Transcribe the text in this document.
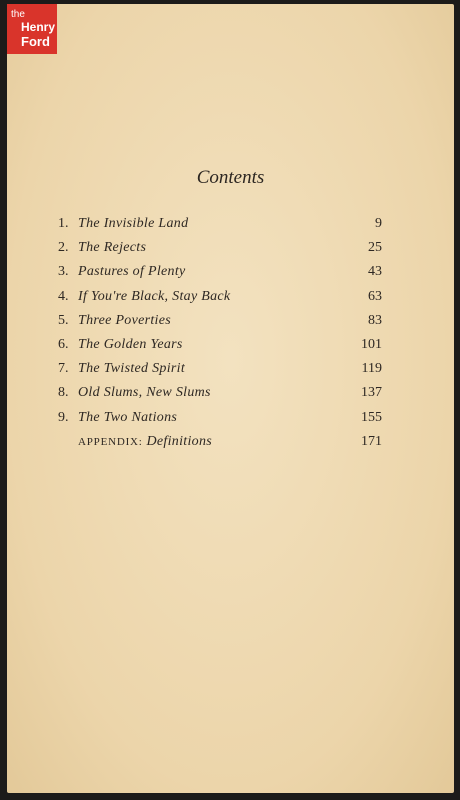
the
Henry
Ford
Contents
1. The Invisible Land	9
2. The Rejects	25
3. Pastures of Plenty	43
4. If You're Black, Stay Back	63
5. Three Poverties	83
6. The Golden Years	101
7. The Twisted Spirit	119
8. Old Slums, New Slums	137
9. The Two Nations	155
APPENDIX: Definitions	171
